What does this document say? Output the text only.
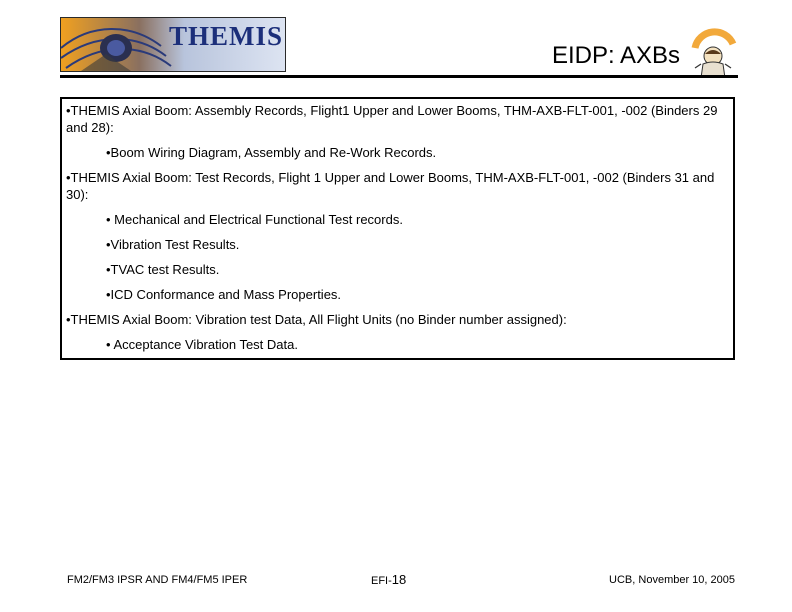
THEMIS
EIDP: AXBs

•THEMIS Axial Boom: Assembly Records, Flight1 Upper and Lower Booms, THM-AXB-FLT-001, -002 (Binders 29 and 28):

•Boom Wiring Diagram, Assembly and Re-Work Records.

•THEMIS Axial Boom: Test Records, Flight 1 Upper and Lower Booms, THM-AXB-FLT-001, -002 (Binders 31 and 30):

• Mechanical and Electrical Functional Test records.

•Vibration Test Results.

•TVAC test Results.

•ICD Conformance and Mass Properties.

•THEMIS Axial Boom: Vibration test Data, All Flight Units (no Binder number assigned):

• Acceptance Vibration Test Data.

FM2/FM3 IPSR AND FM4/FM5 IPER	EFI-18	UCB, November 10, 2005
